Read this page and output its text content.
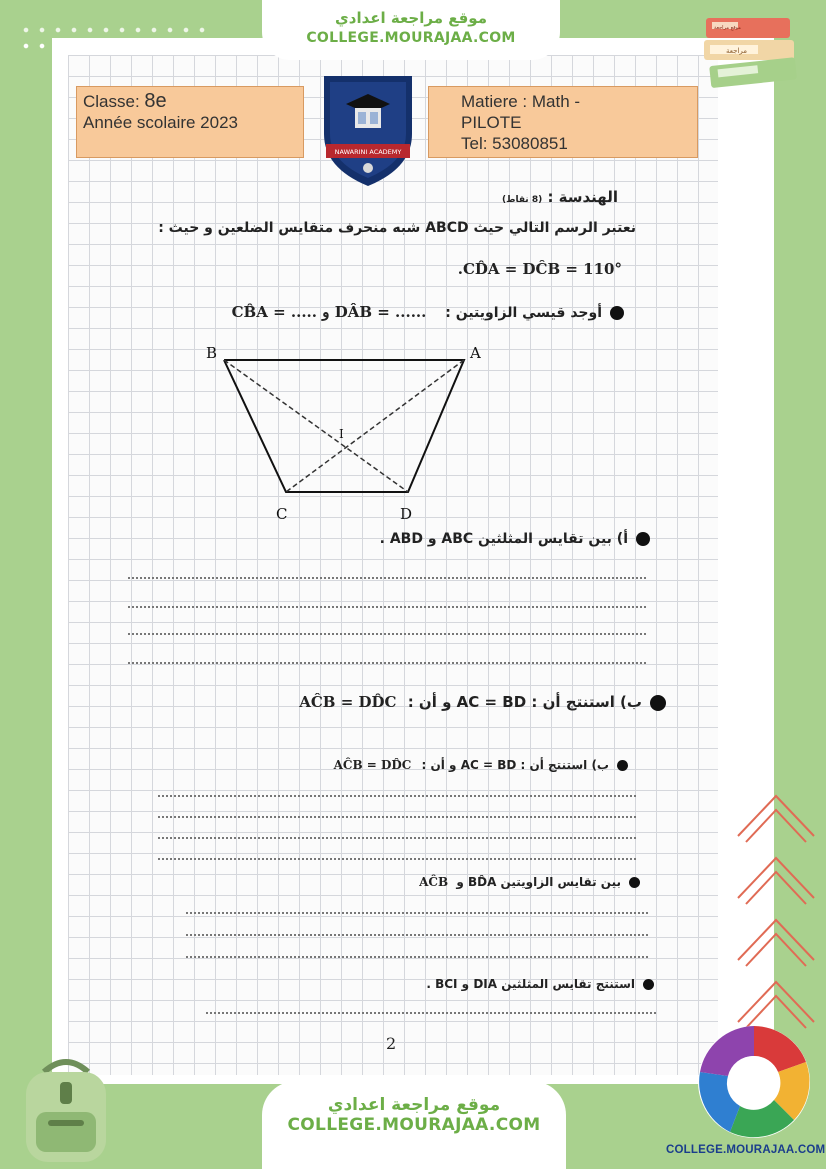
موقع مراجعة اعدادي
COLLEGE.MOURAJAA.COM
مراجعة
موقع مراجعة
Classe: 8e
Année scolaire 2023
NAWARINI ACADEMY
Matiere : Math -
PILOTE
Tel: 53080851
الهندسة : (8 نقاط)
نعتبر الرسم التالي حيث ABCD شبه منحرف متقايس الضلعين و حيث :
.CD̂A = DĈB = 110°
أوجد قيسي الزاويتين : CB̂A = ..... و DÂB = ......
B	A
C	D
I
أ) بين تقايس المثلثين ABC و ABD .
ب) استنتج أن : AC = BD و أن : AĈB = DD̂C
ب) استنتج أن : AC = BD و أن : AĈB = DD̂C
بين تقايس الزاويتين BD̂A و AĈB
استنتج تقايس المثلثين DIA و BCI .
2
موقع مراجعة اعدادي
COLLEGE.MOURAJAA.COM
COLLEGE.MOURAJAA.COM
